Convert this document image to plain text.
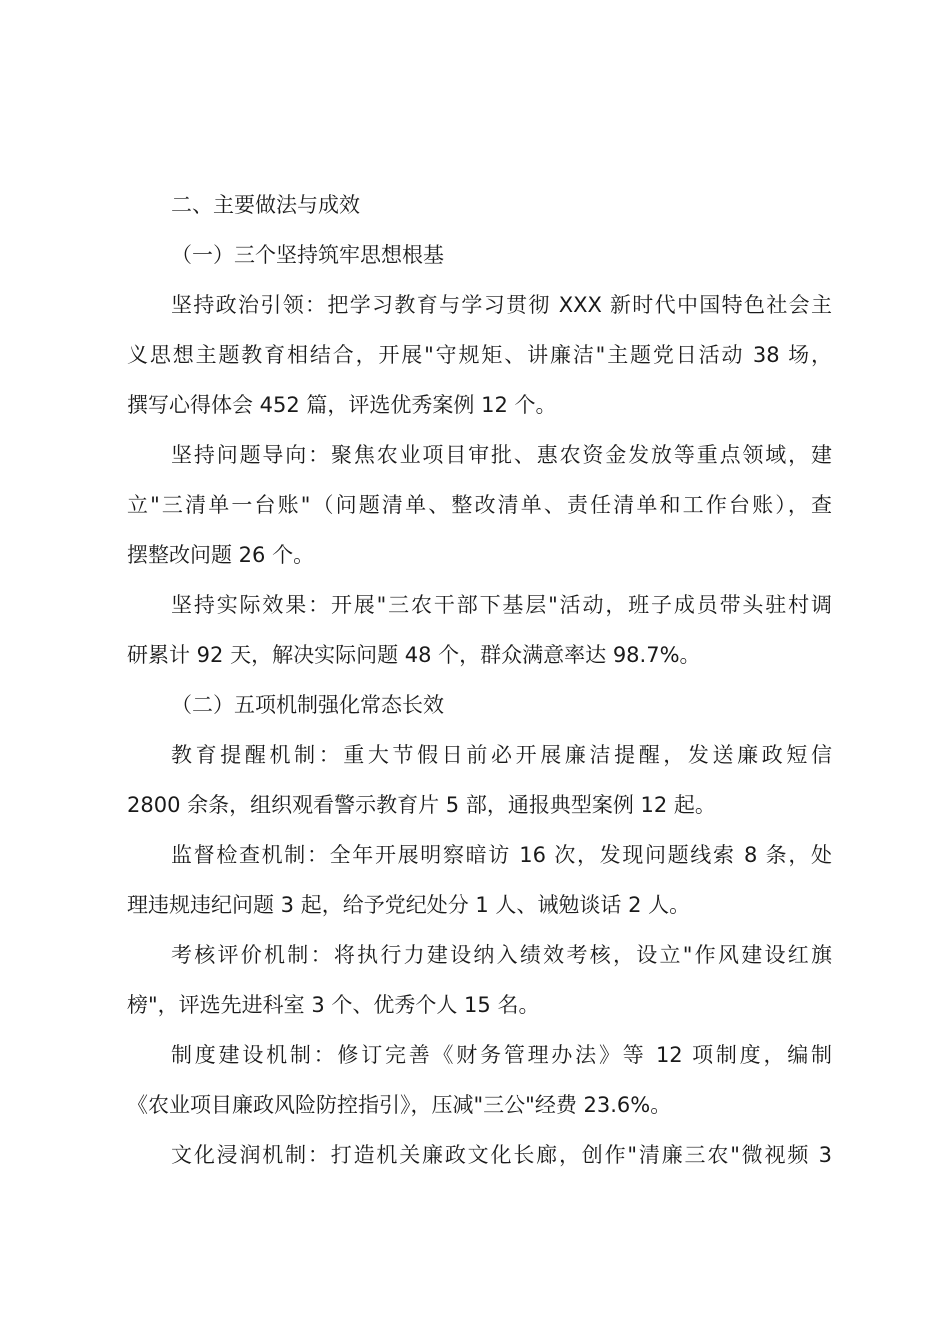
二、主要做法与成效
（一）三个坚持筑牢思想根基
坚持政治引领：把学习教育与学习贯彻 XXX 新时代中国特色社会主
义思想主题教育相结合，开展"守规矩、讲廉洁"主题党日活动 38 场，
撰写心得体会 452 篇，评选优秀案例 12 个。
坚持问题导向：聚焦农业项目审批、惠农资金发放等重点领域，建
立"三清单一台账"（问题清单、整改清单、责任清单和工作台账），查
摆整改问题 26 个。
坚持实际效果：开展"三农干部下基层"活动，班子成员带头驻村调
研累计 92 天，解决实际问题 48 个，群众满意率达 98.7%。
（二）五项机制强化常态长效
教育提醒机制：重大节假日前必开展廉洁提醒，发送廉政短信
2800 余条，组织观看警示教育片 5 部，通报典型案例 12 起。
监督检查机制：全年开展明察暗访 16 次，发现问题线索 8 条，处
理违规违纪问题 3 起，给予党纪处分 1 人、诫勉谈话 2 人。
考核评价机制：将执行力建设纳入绩效考核，设立"作风建设红旗
榜"，评选先进科室 3 个、优秀个人 15 名。
制度建设机制：修订完善《财务管理办法》等 12 项制度，编制
《农业项目廉政风险防控指引》，压减"三公"经费 23.6%。
文化浸润机制：打造机关廉政文化长廊，创作"清廉三农"微视频 3
